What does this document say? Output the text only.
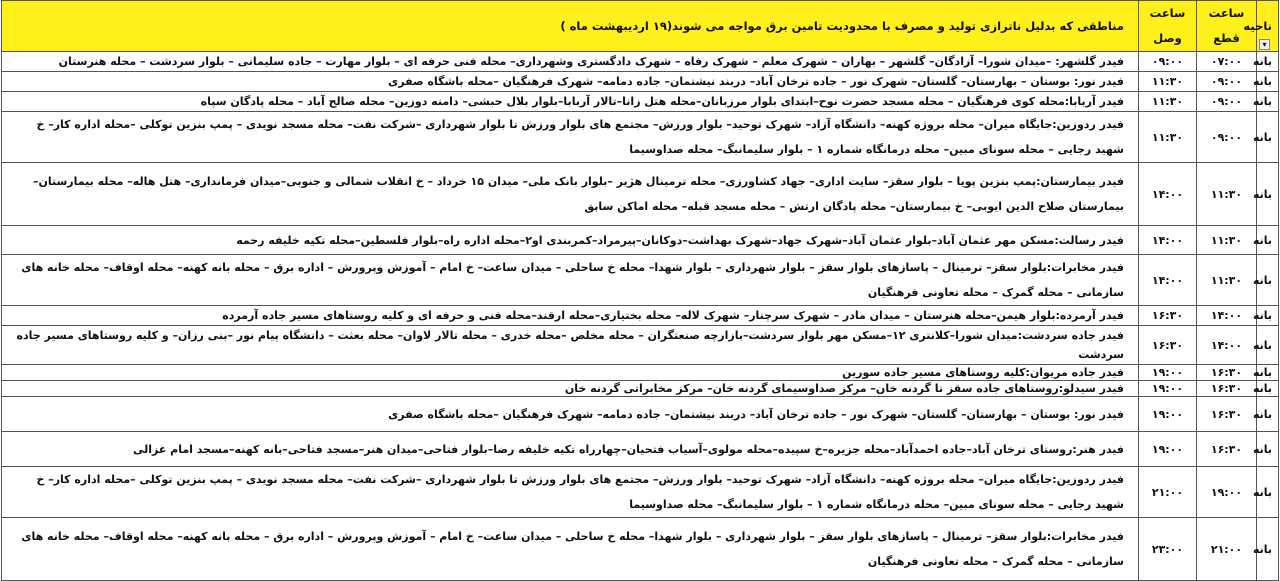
ناحیه
▾	ساعت قطع	ساعت وصل	مناطقی که بدلیل ناترازی تولید و مصرف با محدودیت تامین برق مواجه می شوند(۱۹ اردیبهشت ماه )
بانه	۰۷:۰۰	۰۹:۰۰	فیدر گلشهر: –میدان شورا– آزادگان– گلشهر – بهاران – شهرک معلم – شهرک رفاه – شهرک دادگستری وشهرداری– محله فنی حرفه ای – بلوار مهارت – جاده سلیمانی – بلوار سردشت – محله هنرستان
بانه	۰۹:۰۰	۱۱:۳۰	فیدر نور: بوستان – بهارستان– گلستان– شهرک نور – جاده ترخان آباد– دربند نیشتمان– جاده دمامه– شهرک فرهنگیان –محله باشگاه صفری
بانه	۰۹:۰۰	۱۱:۳۰	فیدر آربابا:محله کوی فرهنگیان – محله مسجد حضرت نوح–ابتدای بلوار مرزبانان–محله هتل زانا–تالار آربابا–بلوار بلال حبشی– دامنه دوزین– محله صالح آباد – محله پادگان سپاه
بانه	۰۹:۰۰	۱۱:۳۰	فیدر ردوزین:جایگاه میران– محله بروژه کهنه– دانشگاه آزاد– شهرک توحید– بلوار ورزش– مجتمع های بلوار ورزش تا بلوار شهرداری –شرکت نفت– محله مسجد نویدی – پمپ بنزین توکلی –محله اداره کار– خ شهید رجایی – محله سونای مبین– محله درمانگاه شماره ۱ – بلوار سلیمانبگ– محله صداوسیما
بانه	۱۱:۳۰	۱۴:۰۰	فیدر بیمارستان:پمپ بنزین پویا – بلوار سقز– سایت اداری– جهاد کشاورزی– محله ترمینال هژیر –بلوار بانک ملی– میدان ۱۵ خرداد – خ انقلاب شمالی و جنوبی–میدان فرمانداری– هتل هاله– محله بیمارستان– بیمارستان صلاح الدین ایوبی– خ بیمارستان– محله پادگان ارتش – محله مسجد قبله– محله اماکن سابق
بانه	۱۱:۳۰	۱۴:۰۰	فیدر رسالت:مسکن مهر عثمان آباد–بلوار عثمان آباد–شهرک جهاد–شهرک بهداشت–دوکانان–پیرمراد–کمربندی او۲–محله اداره راه–بلوار فلسطین–محله تکیه خلیفه رحمه
بانه	۱۱:۳۰	۱۴:۰۰	فیدر مخابرات:بلوار سقز– ترمینال – پاسازهای بلوار سقز – بلوار شهرداری – بلوار شهدا– محله خ ساحلی – میدان ساعت– خ امام – آموزش وپرورش – اداره برق – محله بانه کهنه– محله اوقاف– محله خانه های سازمانی – محله گمرک – محله تعاونی فرهنگیان
بانه	۱۴:۰۰	۱۶:۳۰	فیدر آرمرده:بلوار هیمن–محله هنرستان – میدان مادر – شهرک سرچنار– شهرک لاله– محله بختیاری–محله ارقند–محله فنی و حرفه ای و کلیه روستاهای مسیر جاده آرمرده
بانه	۱۴:۰۰	۱۶:۳۰	فیدر جاده سردشت:میدان شورا–کلانتری ۱۲–مسکن مهر بلوار سردشت–بازارچه صنعتگران – محله مخلص –محله خدری – محله تالار لاوان– محله بعثت – دانشگاه پیام نور –بنی رزان– و کلیه روستاهای مسیر جاده سردشت
بانه	۱۶:۳۰	۱۹:۰۰	فیدر جاده مریوان:کلیه روستاهای مسیر جاده سورین
بانه	۱۶:۳۰	۱۹:۰۰	فیدر سیدلو:روستاهای جاده سقز تا گردنه خان– مرکز صداوسیمای گردنه خان– مرکز مخابراتی گردنه خان
بانه	۱۶:۳۰	۱۹:۰۰	فیدر نور: بوستان – بهارستان– گلستان– شهرک نور – جاده ترخان آباد– دربند نیشتمان– جاده دمامه– شهرک فرهنگیان –محله باشگاه صفری
بانه	۱۶:۳۰	۱۹:۰۰	فیدر هنر:روستای ترخان آباد–جاده احمدآباد–محله جزیره–خ سپیده–محله مولوی–آسیاب فتحیان–چهارراه تکیه خلیفه رضا–بلوار فتاحی–میدان هنر–مسجد فتاحی–بانه کهنه–مسجد امام غزالی
بانه	۱۹:۰۰	۲۱:۰۰	فیدر ردوزین:جایگاه میران– محله بروژه کهنه– دانشگاه آزاد– شهرک توحید– بلوار ورزش– مجتمع های بلوار ورزش تا بلوار شهرداری –شرکت نفت– محله مسجد نویدی – پمپ بنزین توکلی –محله اداره کار– خ شهید رجایی – محله سونای مبین– محله درمانگاه شماره ۱ – بلوار سلیمانبگ– محله صداوسیما
بانه	۲۱:۰۰	۲۳:۰۰	فیدر مخابرات:بلوار سقز– ترمینال – پاسازهای بلوار سقز – بلوار شهرداری – بلوار شهدا– محله خ ساحلی – میدان ساعت– خ امام – آموزش وپرورش – اداره برق – محله بانه کهنه– محله اوقاف– محله خانه های سازمانی – محله گمرک – محله تعاونی فرهنگیان
